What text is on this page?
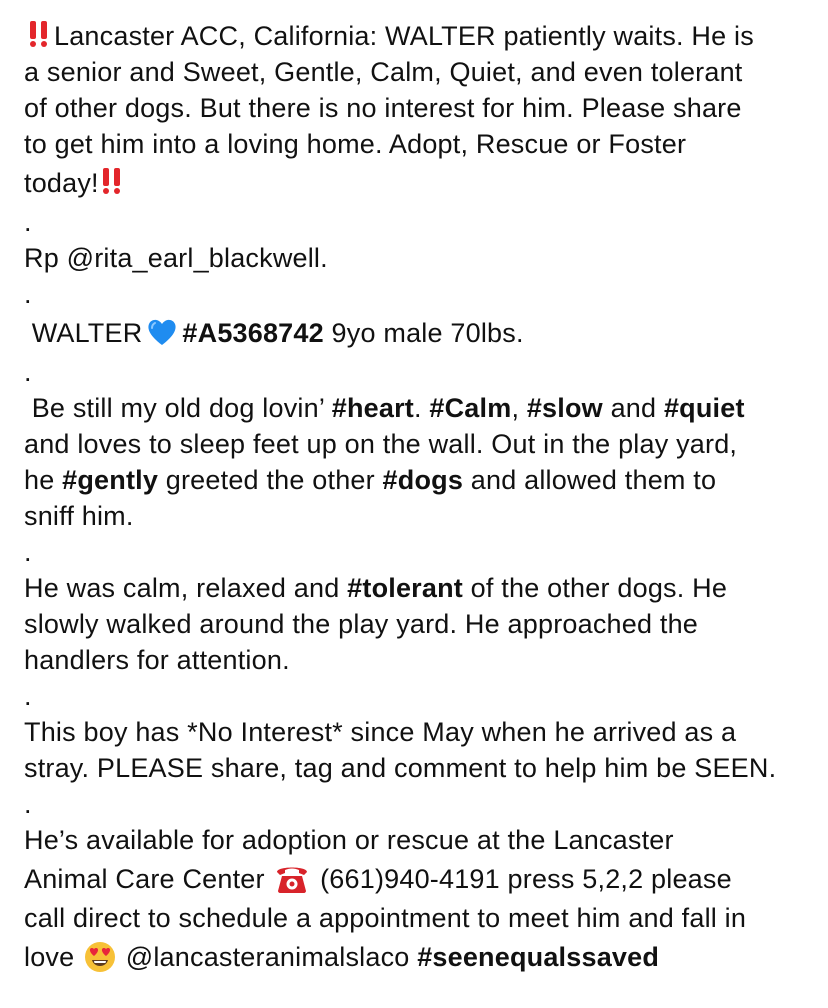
Lancaster ACC, California: WALTER patiently waits. He is
a senior and Sweet, Gentle, Calm, Quiet, and even tolerant
of other dogs. But there is no interest for him. Please share
to get him into a loving home. Adopt, Rescue or Foster
today!
.
Rp @rita_earl_blackwell.
.
WALTER #A5368742 9yo male 70lbs.
.
Be still my old dog lovin’ #heart. #Calm, #slow and #quiet
and loves to sleep feet up on the wall. Out in the play yard,
he #gently greeted the other #dogs and allowed them to
sniff him.
.
He was calm, relaxed and #tolerant of the other dogs. He
slowly walked around the play yard. He approached the
handlers for attention.
.
This boy has *No Interest* since May when he arrived as a
stray. PLEASE share, tag and comment to help him be SEEN.
.
He’s available for adoption or rescue at the Lancaster
Animal Care Center (661)940-4191 press 5,2,2 please
call direct to schedule a appointment to meet him and fall in
love @lancasteranimalslaco #seenequalssaved
